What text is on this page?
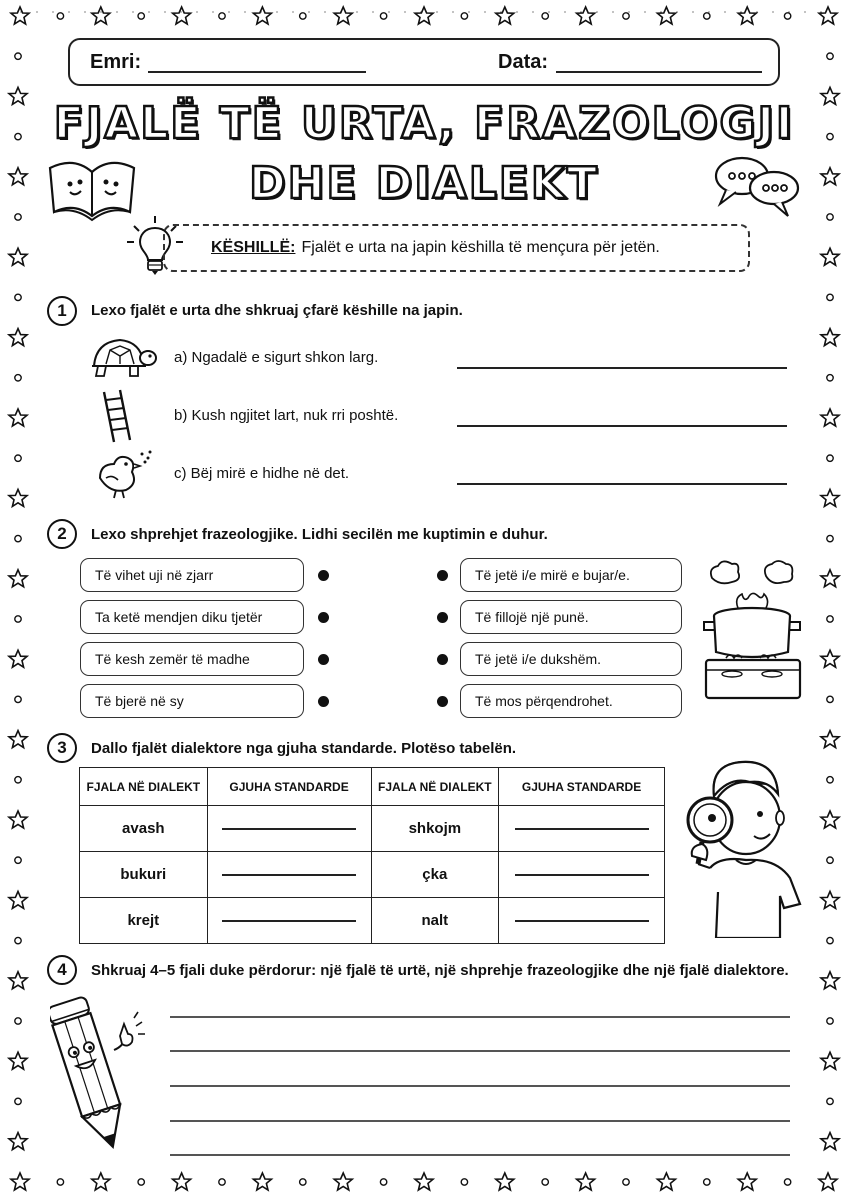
Emri:	Data:
FJALË TË URTA, FRAZOLOGJI
DHE DIALEKT
KËSHILLË: Fjalët e urta na japin këshilla të mençura për jetën.
1	Lexo fjalët e urta dhe shkruaj çfarë këshille na japin.
a) Ngadalë e sigurt shkon larg.
b) Kush ngjitet lart, nuk rri poshtë.
c) Bëj mirë e hidhe në det.
2	Lexo shprehjet frazeologjike. Lidhi secilën me kuptimin e duhur.
Të vihet uji në zjarr
Ta ketë mendjen diku tjetër
Të kesh zemër të madhe
Të bjerë në sy
Të jetë i/e mirë e bujar/e.
Të fillojë një punë.
Të jetë i/e dukshëm.
Të mos përqendrohet.
3	Dallo fjalët dialektore nga gjuha standarde. Plotëso tabelën.
FJALA NË DIALEKT	GJUHA STANDARDE	FJALA NË DIALEKT	GJUHA STANDARDE
avash		shkojm	
bukuri		çka	
krejt		nalt	
4	Shkruaj 4–5 fjali duke përdorur: një fjalë të urtë, një shprehje frazeologjike dhe një fjalë dialektore.
